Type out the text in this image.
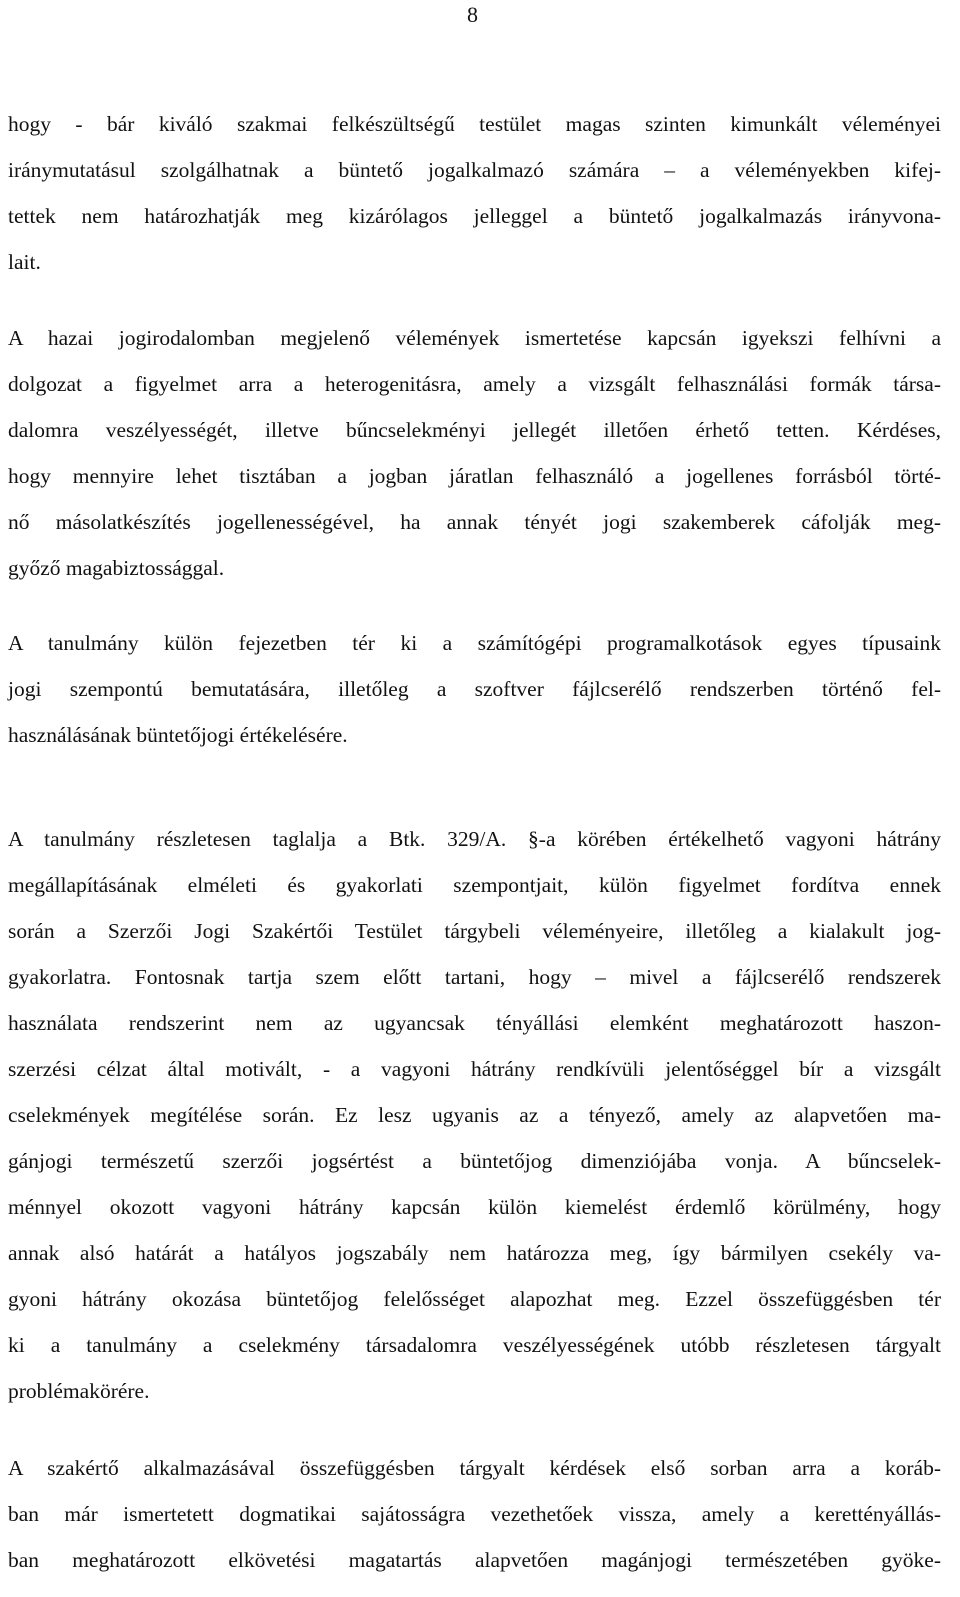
8
hogy - bár kiváló szakmai felkészültségű testület magas szinten kimunkált véleményei
iránymutatásul szolgálhatnak a büntető jogalkalmazó számára – a véleményekben kifej-
tettek nem határozhatják meg kizárólagos jelleggel a büntető jogalkalmazás irányvona-
lait.
A hazai jogirodalomban megjelenő vélemények ismertetése kapcsán igyekszi felhívni a
dolgozat a figyelmet arra a heterogenitásra, amely a vizsgált felhasználási formák társa-
dalomra veszélyességét, illetve bűncselekményi jellegét illetően érhető tetten. Kérdéses,
hogy mennyire lehet tisztában a jogban járatlan felhasználó a jogellenes forrásból törté-
nő másolatkészítés jogellenességével, ha annak tényét jogi szakemberek cáfolják meg-
győző magabiztossággal.
A tanulmány külön fejezetben tér ki a számítógépi programalkotások egyes típusaink
jogi szempontú bemutatására, illetőleg a szoftver fájlcserélő rendszerben történő fel-
használásának büntetőjogi értékelésére.
A tanulmány részletesen taglalja a Btk. 329/A. §-a körében értékelhető vagyoni hátrány
megállapításának elméleti és gyakorlati szempontjait, külön figyelmet fordítva ennek
során a Szerzői Jogi Szakértői Testület tárgybeli véleményeire, illetőleg a kialakult jog-
gyakorlatra. Fontosnak tartja szem előtt tartani, hogy – mivel a fájlcserélő rendszerek
használata rendszerint nem az ugyancsak tényállási elemként meghatározott haszon-
szerzési célzat által motivált, - a vagyoni hátrány rendkívüli jelentőséggel bír a vizsgált
cselekmények megítélése során. Ez lesz ugyanis az a tényező, amely az alapvetően ma-
gánjogi természetű szerzői jogsértést a büntetőjog dimenziójába vonja. A bűncselek-
ménnyel okozott vagyoni hátrány kapcsán külön kiemelést érdemlő körülmény, hogy
annak alsó határát a hatályos jogszabály nem határozza meg, így bármilyen csekély va-
gyoni hátrány okozása büntetőjog felelősséget alapozhat meg. Ezzel összefüggésben tér
ki a tanulmány a cselekmény társadalomra veszélyességének utóbb részletesen tárgyalt
problémakörére.
A szakértő alkalmazásával összefüggésben tárgyalt kérdések első sorban arra a koráb-
ban már ismertetett dogmatikai sajátosságra vezethetőek vissza, amely a kerettényállás-
ban meghatározott elkövetési magatartás alapvetően magánjogi természetében gyöke-
